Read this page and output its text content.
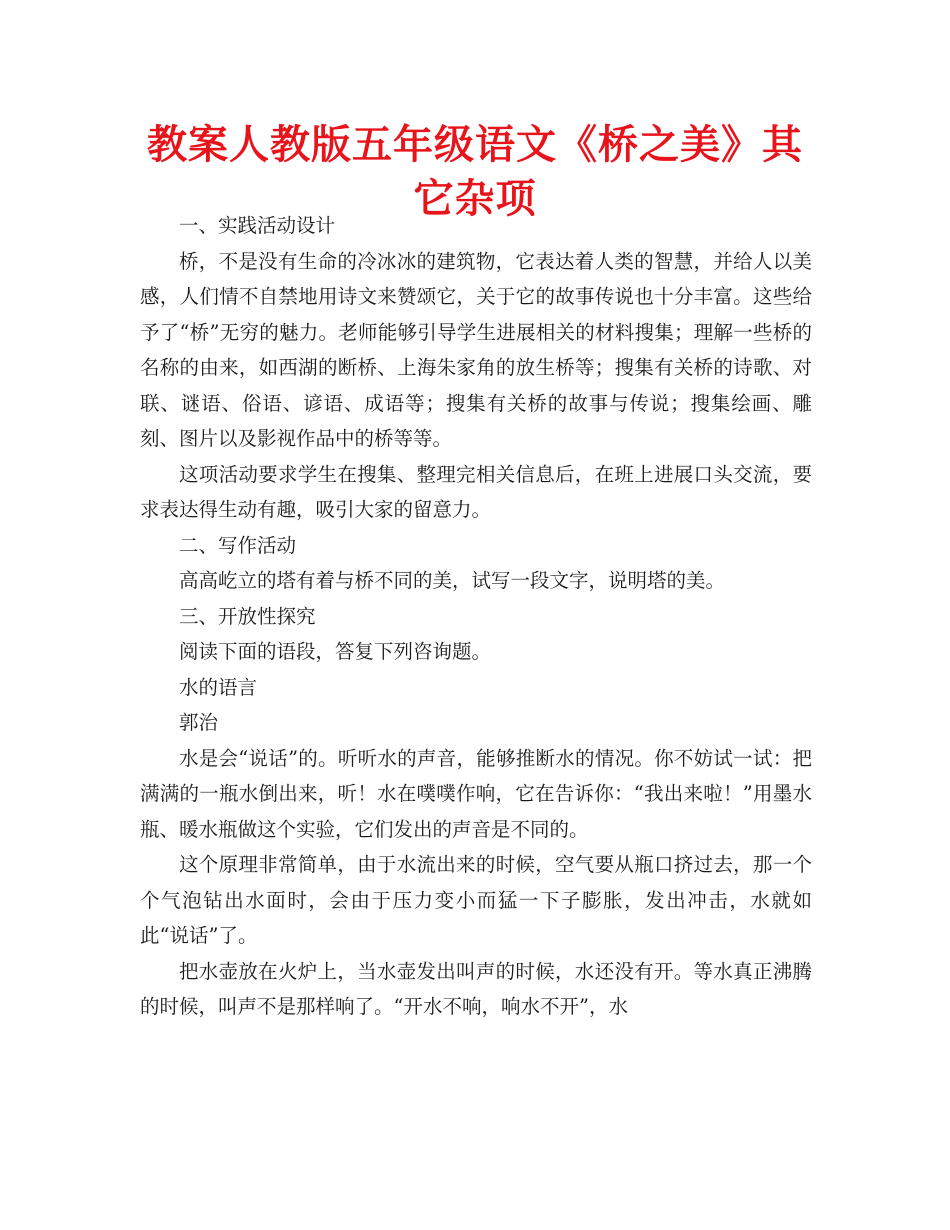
教案人教版五年级语文《桥之美》其它杂项

一、实践活动设计

桥，不是没有生命的冷冰冰的建筑物，它表达着人类的智慧，并给人以美感，人们情不自禁地用诗文来赞颂它，关于它的故事传说也十分丰富。这些给予了“桥”无穷的魅力。老师能够引导学生进展相关的材料搜集；理解一些桥的名称的由来，如西湖的断桥、上海朱家角的放生桥等；搜集有关桥的诗歌、对联、谜语、俗语、谚语、成语等；搜集有关桥的故事与传说；搜集绘画、雕刻、图片以及影视作品中的桥等等。

这项活动要求学生在搜集、整理完相关信息后，在班上进展口头交流，要求表达得生动有趣，吸引大家的留意力。

二、写作活动

高高屹立的塔有着与桥不同的美，试写一段文字，说明塔的美。

三、开放性探究

阅读下面的语段，答复下列咨询题。

水的语言

郭治

水是会“说话”的。听听水的声音，能够推断水的情况。你不妨试一试：把满满的一瓶水倒出来，听！水在噗噗作响，它在告诉你：“我出来啦！”用墨水瓶、暖水瓶做这个实验，它们发出的声音是不同的。

这个原理非常简单，由于水流出来的时候，空气要从瓶口挤过去，那一个个气泡钻出水面时，会由于压力变小而猛一下子膨胀，发出冲击，水就如此“说话”了。

把水壶放在火炉上，当水壶发出叫声的时候，水还没有开。等水真正沸腾的时候，叫声不是那样响了。“开水不响，响水不开”，水
